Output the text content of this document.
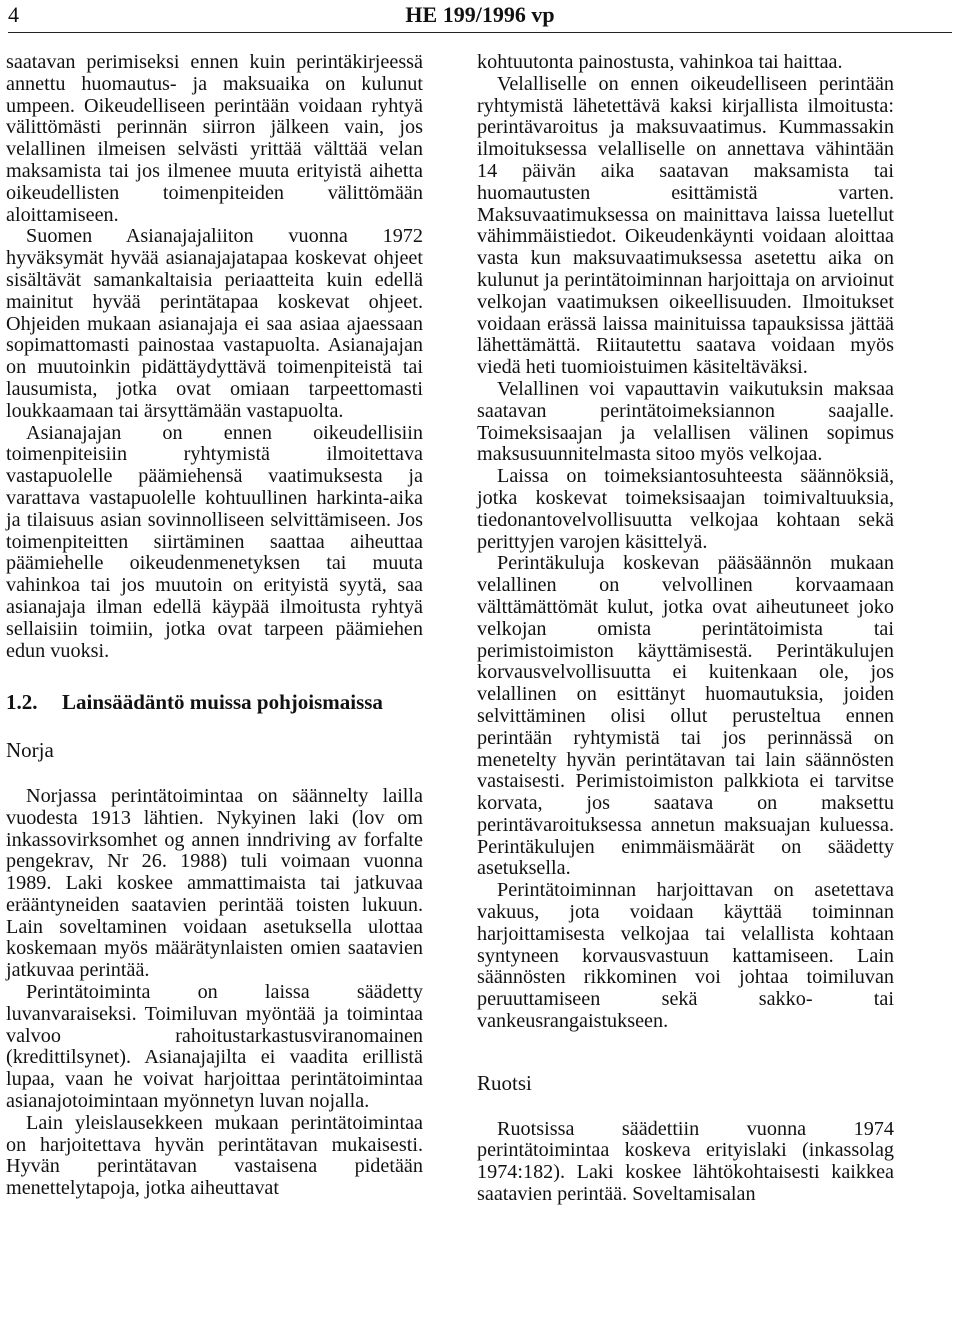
4	HE 199/1996 vp

saatavan perimiseksi ennen kuin perintäkirjeessä annettu huomautus- ja maksuaika on kulunut umpeen. Oikeudelliseen perintään voidaan ryhtyä välittömästi perinnän siirron jälkeen vain, jos velallinen ilmeisen selvästi yrittää välttää velan maksamista tai jos ilmenee muuta erityistä aihetta oikeudellisten toimenpiteiden välittömään aloittamiseen.

Suomen Asianajajaliiton vuonna 1972 hyväksymät hyvää asianajajatapaa koskevat ohjeet sisältävät samankaltaisia periaatteita kuin edellä mainitut hyvää perintätapaa koskevat ohjeet. Ohjeiden mukaan asianajaja ei saa asiaa ajaessaan sopimattomasti painostaa vastapuolta. Asianajajan on muutoinkin pidättäydyttävä toimenpiteistä tai lausumista, jotka ovat omiaan tarpeettomasti loukkaamaan tai ärsyttämään vastapuolta.

Asianajajan on ennen oikeudellisiin toimenpiteisiin ryhtymistä ilmoitettava vastapuolelle päämiehensä vaatimuksesta ja varattava vastapuolelle kohtuullinen harkinta-aika ja tilaisuus asian sovinnolliseen selvittämiseen. Jos toimenpiteitten siirtäminen saattaa aiheuttaa päämiehelle oikeudenmenetyksen tai muuta vahinkoa tai jos muutoin on erityistä syytä, saa asianajaja ilman edellä käypää ilmoitusta ryhtyä sellaisiin toimiin, jotka ovat tarpeen päämiehen edun vuoksi.

1.2. Lainsäädäntö muissa pohjoismaissa
Norja

Norjassa perintätoimintaa on säännelty lailla vuodesta 1913 lähtien. Nykyinen laki (lov om inkassovirksomhet og annen inndriving av forfalte pengekrav, Nr 26. 1988) tuli voimaan vuonna 1989. Laki koskee ammattimaista tai jatkuvaa erääntyneiden saatavien perintää toisten lukuun. Lain soveltaminen voidaan asetuksella ulottaa koskemaan myös määrätynlaisten omien saatavien jatkuvaa perintää.

Perintätoiminta on laissa säädetty luvanvaraiseksi. Toimiluvan myöntää ja toimintaa valvoo rahoitustarkastusviranomainen (kredittilsynet). Asianajajilta ei vaadita erillistä lupaa, vaan he voivat harjoittaa perintätoimintaa asianajotoimintaan myönnetyn luvan nojalla.

Lain yleislausekkeen mukaan perintätoimintaa on harjoitettava hyvän perintätavan mukaisesti. Hyvän perintätavan vastaisena pidetään menettelytapoja, jotka aiheuttavat

kohtuutonta painostusta, vahinkoa tai haittaa.

Velalliselle on ennen oikeudelliseen perintään ryhtymistä lähetettävä kaksi kirjallista ilmoitusta: perintävaroitus ja maksuvaatimus. Kummassakin ilmoituksessa velalliselle on annettava vähintään 14 päivän aika saatavan maksamista tai huomautusten esittämistä varten. Maksuvaatimuksessa on mainittava laissa luetellut vähimmäistiedot. Oikeudenkäynti voidaan aloittaa vasta kun maksuvaatimuksessa asetettu aika on kulunut ja perintätoiminnan harjoittaja on arvioinut velkojan vaatimuksen oikeellisuuden. Ilmoitukset voidaan erässä laissa mainituissa tapauksissa jättää lähettämättä. Riitautettu saatava voidaan myös viedä heti tuomioistuimen käsiteltäväksi.

Velallinen voi vapauttavin vaikutuksin maksaa saatavan perintätoimeksiannon saajalle. Toimeksisaajan ja velallisen välinen sopimus maksusuunnitelmasta sitoo myös velkojaa.

Laissa on toimeksiantosuhteesta säännöksiä, jotka koskevat toimeksisaajan toimivaltuuksia, tiedonantovelvollisuutta velkojaa kohtaan sekä perittyjen varojen käsittelyä.

Perintäkuluja koskevan pääsäännön mukaan velallinen on velvollinen korvaamaan välttämättömät kulut, jotka ovat aiheutuneet joko velkojan omista perintätoimista tai perimistoimiston käyttämisestä. Perintäkulujen korvausvelvollisuutta ei kuitenkaan ole, jos velallinen on esittänyt huomautuksia, joiden selvittäminen olisi ollut perusteltua ennen perintään ryhtymistä tai jos perinnässä on menetelty hyvän perintätavan tai lain säännösten vastaisesti. Perimistoimiston palkkiota ei tarvitse korvata, jos saatava on maksettu perintävaroituksessa annetun maksuajan kuluessa. Perintäkulujen enimmäismäärät on säädetty asetuksella.

Perintätoiminnan harjoittavan on asetettava vakuus, jota voidaan käyttää toiminnan harjoittamisesta velkojaa tai velallista kohtaan syntyneen korvausvastuun kattamiseen. Lain säännösten rikkominen voi johtaa toimiluvan peruuttamiseen sekä sakko- tai vankeusrangaistukseen.

Ruotsi

Ruotsissa säädettiin vuonna 1974 perintätoimintaa koskeva erityislaki (inkassolag 1974:182). Laki koskee lähtökohtaisesti kaikkea saatavien perintää. Soveltamisalan
